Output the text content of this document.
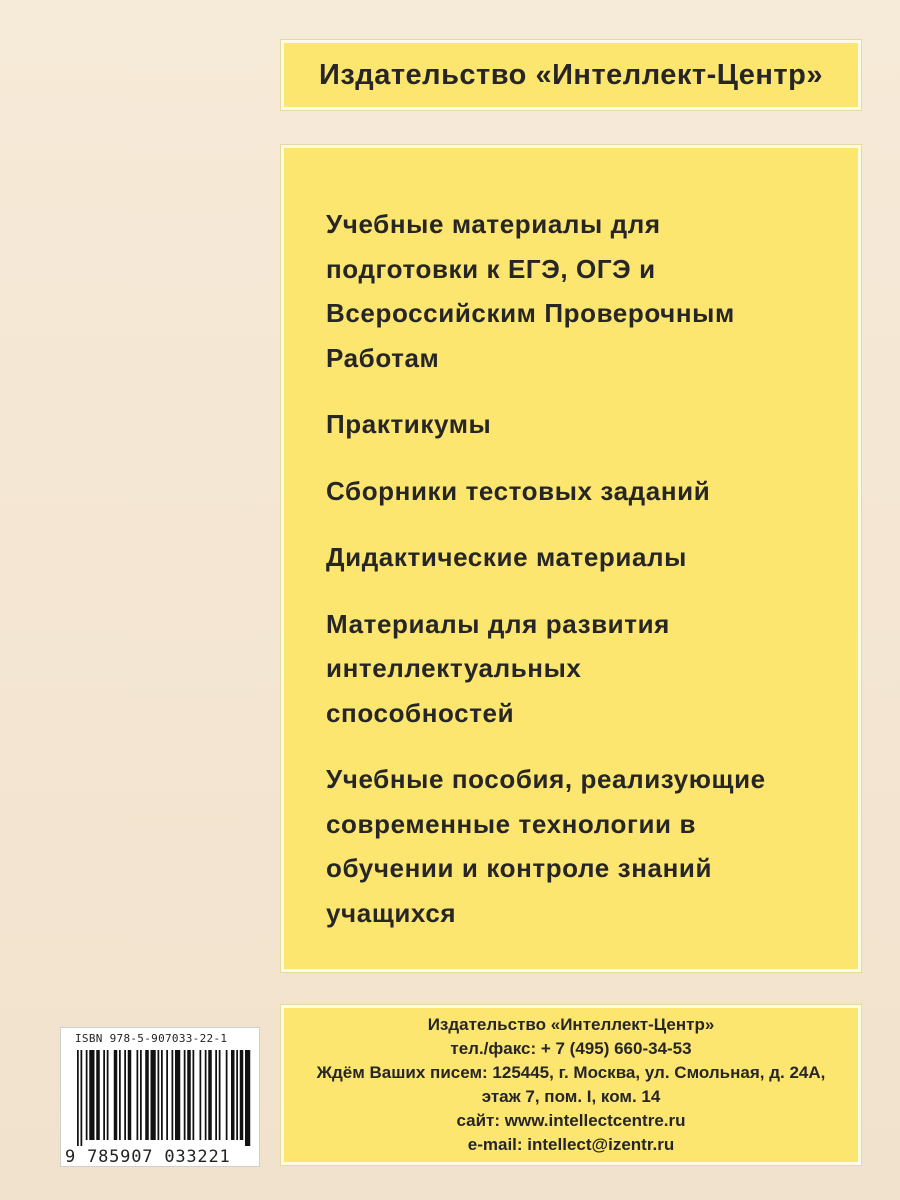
Издательство «Интеллект-Центр»
Учебные материалы для
подготовки к ЕГЭ, ОГЭ и
Всероссийским Проверочным
Работам
Практикумы
Сборники тестовых заданий
Дидактические материалы
Материалы для развития
интеллектуальных
способностей
Учебные пособия, реализующие
современные технологии в
обучении и контроле знаний
учащихся
ISBN 978-5-907033-22-1
9 785907 033221
Издательство «Интеллект-Центр»
тел./факс: + 7 (495) 660-34-53
Ждём Ваших писем: 125445, г. Москва, ул. Смольная, д. 24А,
этаж 7, пом. I, ком. 14
сайт: www.intellectcentre.ru
e-mail: intellect@izentr.ru
